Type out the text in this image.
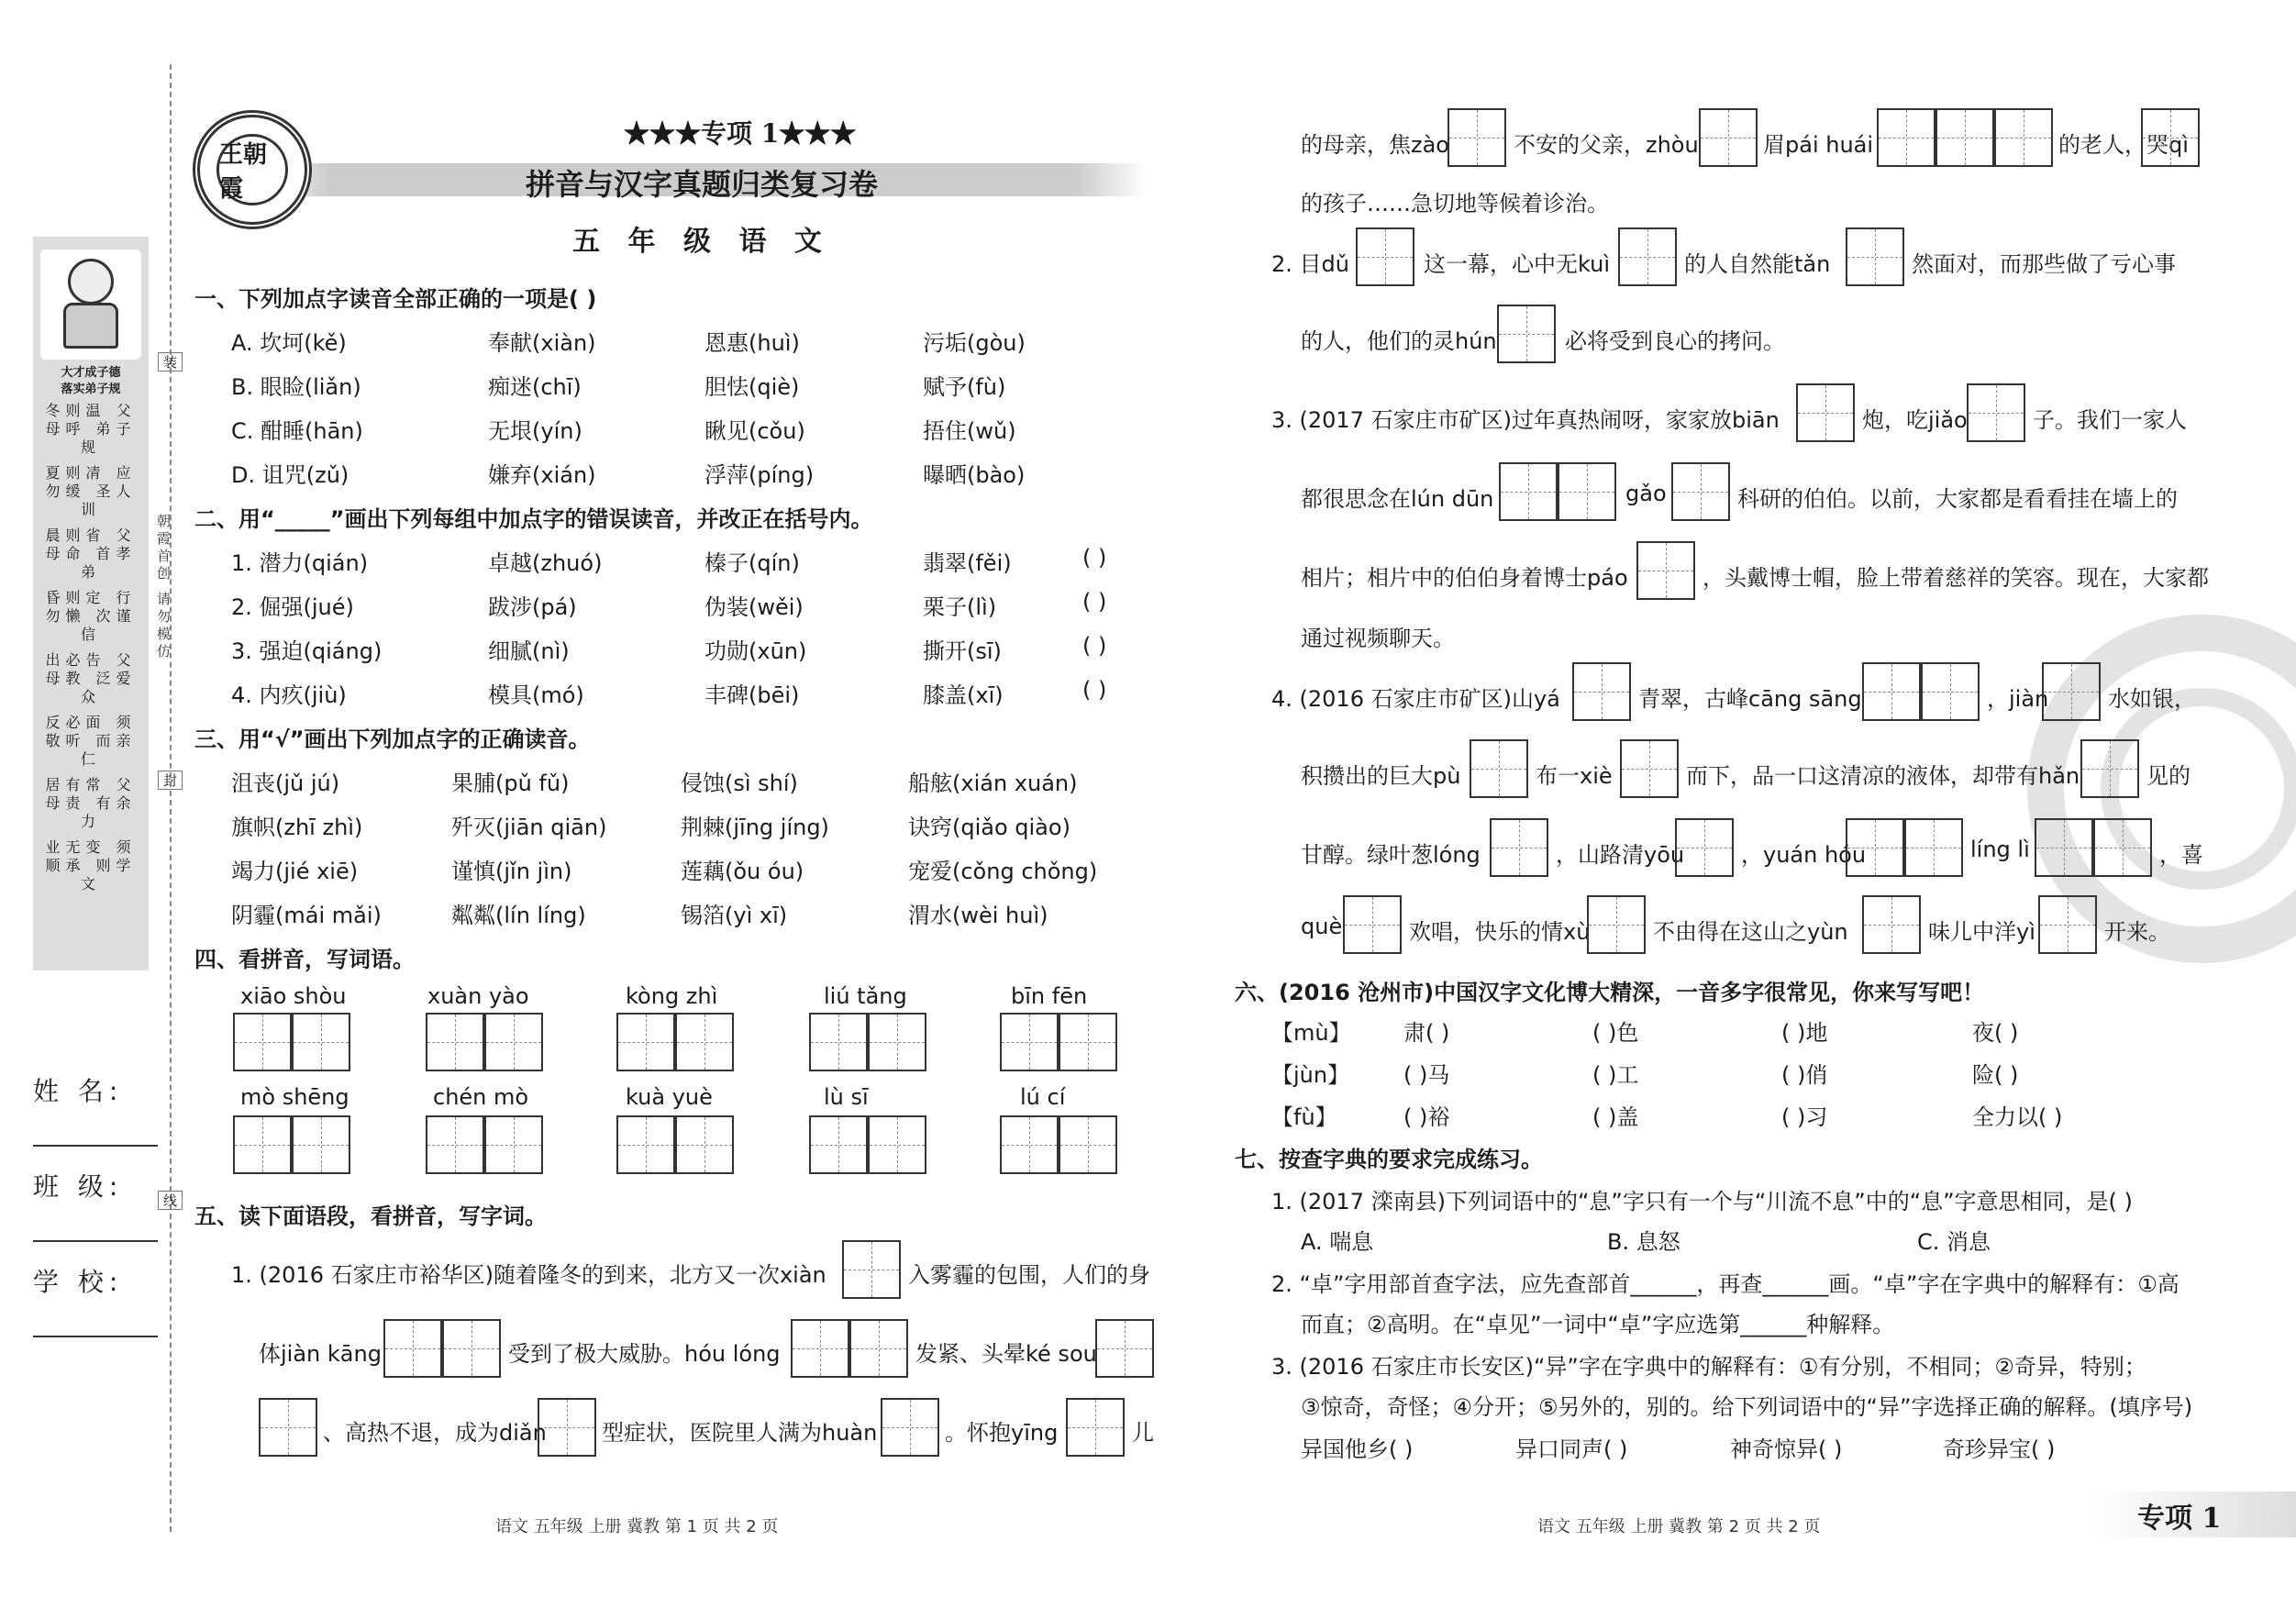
大才成子德
落实弟子规
冬则温 父母呼 弟子规
夏则凊 应勿缓 圣人训
晨则省 父母命 首孝弟
昏则定 行勿懒 次谨信
出必告 父母教 泛爱众
反必面 须敬听 而亲仁
居有常 父母责 有余力
业无变 须顺承 则学文
装
朝霞首创 请勿模仿
封
线
姓 名:
班 级:
学 校:
王朝霞
★★★专项 1★★★
拼音与汉字真题归类复习卷
五 年 级 语 文
一、下列加点字读音全部正确的一项是( )
A. 坎坷(kě)	奉献(xiàn)	恩惠(huì)	污垢(gòu)
B. 眼睑(liǎn)	痴迷(chī)	胆怯(qiè)	赋予(fù)
C. 酣睡(hān)	无垠(yín)	瞅见(cǒu)	捂住(wǔ)
D. 诅咒(zǔ)	嫌弃(xián)	浮萍(píng)	曝晒(bào)
二、用“_____”画出下列每组中加点字的错误读音，并改正在括号内。
1. 潜力(qián)	卓越(zhuó)	榛子(qín)	翡翠(fěi)	( )
2. 倔强(jué)	跋涉(pá)	伪装(wěi)	栗子(lì)	( )
3. 强迫(qiáng)	细腻(nì)	功勋(xūn)	撕开(sī)	( )
4. 内疚(jiù)	模具(mó)	丰碑(bēi)	膝盖(xī)	( )
三、用“√”画出下列加点字的正确读音。
沮丧(jǔ jú)	果脯(pǔ fǔ)	侵蚀(sì shí)	船舷(xián xuán)
旗帜(zhī zhì)	歼灭(jiān qiān)	荆棘(jīng jíng)	诀窍(qiǎo qiào)
竭力(jié xiē)	谨慎(jǐn jìn)	莲藕(ǒu óu)	宠爱(cǒng chǒng)
阴霾(mái mǎi)	粼粼(lín líng)	锡箔(yì xī)	渭水(wèi huì)
四、看拼音，写词语。
xiāo shòu	xuàn yào	kòng zhì	liú tǎng	bīn fēn
mò shēng	chén mò	kuà yuè	lù sī	lú cí
五、读下面语段，看拼音，写字词。
1. (2016 石家庄市裕华区)随着隆冬的到来，北方又一次xiàn	入雾霾的包围，人们的身
体jiàn kāng	受到了极大威胁。hóu lóng	发紧、头晕ké sou
、高热不退，成为diǎn	型症状，医院里人满为huàn	。怀抱yīng	儿
语文 五年级 上册 冀教 第 1 页 共 2 页
的母亲，焦zào	不安的父亲，zhòu	眉pái huái	的老人，哭qì
的孩子……急切地等候着诊治。
2. 目dǔ	这一幕，心中无kuì	的人自然能tǎn	然面对，而那些做了亏心事
的人，他们的灵hún	必将受到良心的拷问。
3. (2017 石家庄市矿区)过年真热闹呀，家家放biān	炮，吃jiǎo	子。我们一家人
都很思念在lún dūn	gǎo	科研的伯伯。以前，大家都是看看挂在墙上的
相片；相片中的伯伯身着博士páo	，头戴博士帽，脸上带着慈祥的笑容。现在，大家都
通过视频聊天。
4. (2016 石家庄市矿区)山yá	青翠，古峰cāng sāng	，jiàn	水如银，
积攒出的巨大pù	布一xiè	而下，品一口这清凉的液体，却带有hǎn	见的
甘醇。绿叶葱lóng	，山路清yōu	，yuán hóu	líng lì	，喜
què	欢唱，快乐的情xù	不由得在这山之yùn	味儿中洋yì	开来。
六、(2016 沧州市)中国汉字文化博大精深，一音多字很常见，你来写写吧！
【mù】 肃( )	( )色	( )地	夜( )
【jùn】 ( )马	( )工	( )俏	险( )
【fù】	( )裕	( )盖	( )习	全力以( )
七、按查字典的要求完成练习。
1. (2017 滦南县)下列词语中的“息”字只有一个与“川流不息”中的“息”字意思相同，是( )
A. 喘息	B. 息怒	C. 消息
2. “卓”字用部首查字法，应先查部首______，再查______画。“卓”字在字典中的解释有：①高
而直；②高明。在“卓见”一词中“卓”字应选第______种解释。
3. (2016 石家庄市长安区)“异”字在字典中的解释有：①有分别，不相同；②奇异，特别；
③惊奇，奇怪；④分开；⑤另外的，别的。给下列词语中的“异”字选择正确的解释。(填序号)
异国他乡( )	异口同声( )	神奇惊异( )	奇珍异宝( )
语文 五年级 上册 冀教 第 2 页 共 2 页	专项 1
